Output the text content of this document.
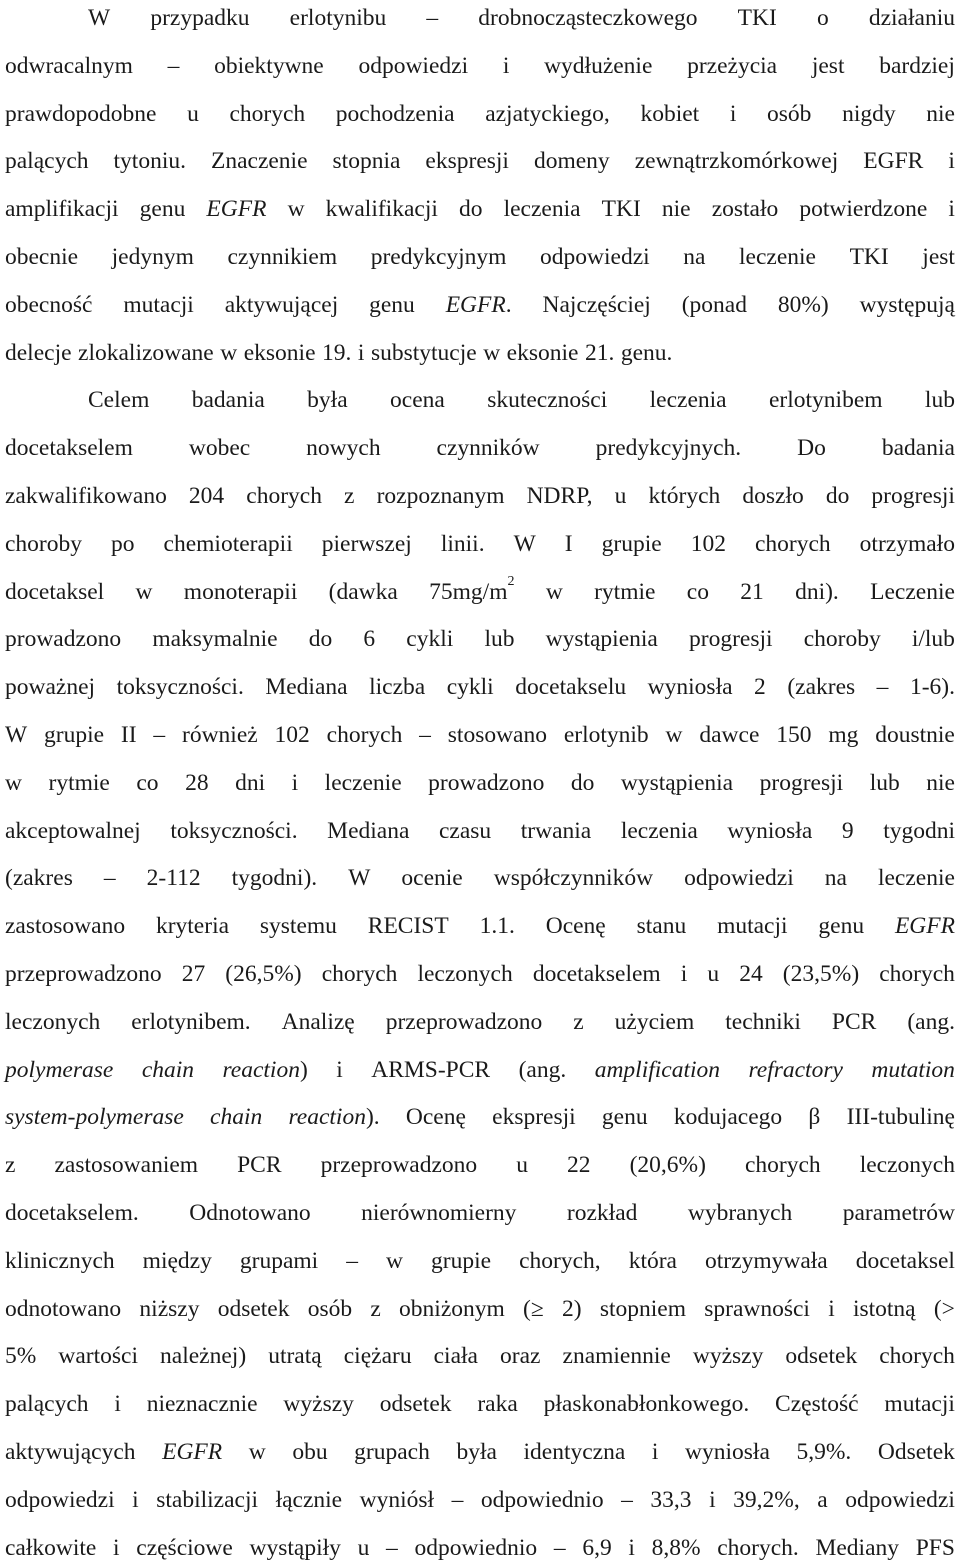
W przypadku erlotynibu – drobnocząsteczkowego TKI o działaniu
odwracalnym – obiektywne odpowiedzi i wydłużenie przeżycia jest bardziej
prawdopodobne u chorych pochodzenia azjatyckiego, kobiet i osób nigdy nie
palących tytoniu. Znaczenie stopnia ekspresji domeny zewnątrzkomórkowej EGFR i
amplifikacji genu EGFR w kwalifikacji do leczenia TKI nie zostało potwierdzone i
obecnie jedynym czynnikiem predykcyjnym odpowiedzi na leczenie TKI jest
obecność mutacji aktywującej genu EGFR. Najczęściej (ponad 80%) występują
delecje zlokalizowane w eksonie 19. i substytucje w eksonie 21. genu.
Celem badania była ocena skuteczności leczenia erlotynibem lub
docetakselem wobec nowych czynników predykcyjnych. Do badania
zakwalifikowano 204 chorych z rozpoznanym NDRP, u których doszło do progresji
choroby po chemioterapii pierwszej linii. W I grupie 102 chorych otrzymało
docetaksel w monoterapii (dawka $75mg/m^2$ w rytmie co 21 dni). Leczenie
prowadzono maksymalnie do 6 cykli lub wystąpienia progresji choroby i/lub
poważnej toksyczności. Mediana liczba cykli docetakselu wyniosła 2 (zakres – 1-6).
W grupie II – również 102 chorych – stosowano erlotynib w dawce 150 mg doustnie
w rytmie co 28 dni i leczenie prowadzono do wystąpienia progresji lub nie
akceptowalnej toksyczności. Mediana czasu trwania leczenia wyniosła 9 tygodni
(zakres – 2-112 tygodni). W ocenie współczynników odpowiedzi na leczenie
zastosowano kryteria systemu RECIST 1.1. Ocenę stanu mutacji genu EGFR
przeprowadzono 27 (26,5%) chorych leczonych docetakselem i u 24 (23,5%) chorych
leczonych erlotynibem. Analizę przeprowadzono z użyciem techniki PCR (ang.
polymerase chain reaction) i ARMS-PCR (ang. amplification refractory mutation
system-polymerase chain reaction). Ocenę ekspresji genu kodujacego β III-tubulinę
z zastosowaniem PCR przeprowadzono u 22 (20,6%) chorych leczonych
docetakselem. Odnotowano nierównomierny rozkład wybranych parametrów
klinicznych między grupami – w grupie chorych, która otrzymywała docetaksel
odnotowano niższy odsetek osób z obniżonym (≥ 2) stopniem sprawności i istotną (>
5% wartości należnej) utratą ciężaru ciała oraz znamiennie wyższy odsetek chorych
palących i nieznacznie wyższy odsetek raka płaskonabłonkowego. Częstość mutacji
aktywujących EGFR w obu grupach była identyczna i wyniosła 5,9%. Odsetek
odpowiedzi i stabilizacji łącznie wyniósł – odpowiednio – 33,3 i 39,2%, a odpowiedzi
całkowite i częściowe wystąpiły u – odpowiednio – 6,9 i 8,8% chorych. Mediany PFS
